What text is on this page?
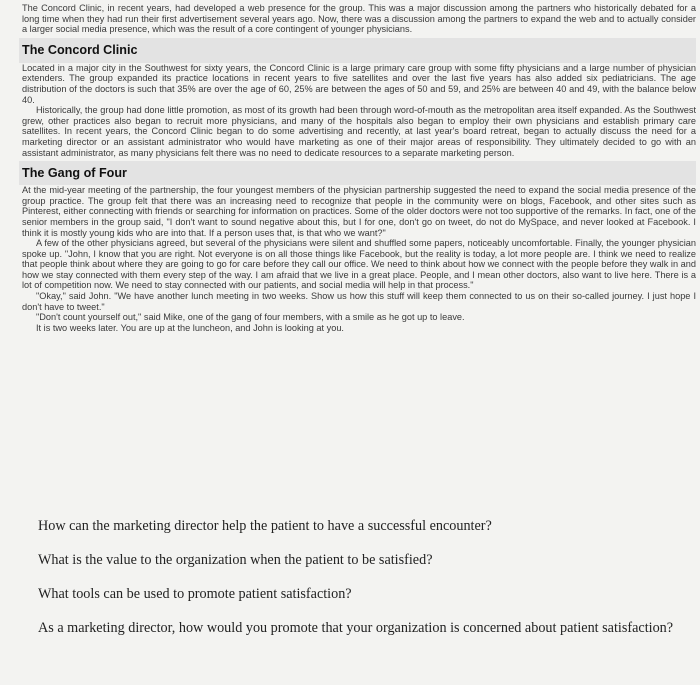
The Concord Clinic, in recent years, had developed a web presence for the group. This was a major discussion among the partners who historically debated for a long time when they had run their first advertisement several years ago. Now, there was a discussion among the partners to expand the web and to actually consider a larger social media presence, which was the result of a core contingent of younger physicians.

The Concord Clinic

Located in a major city in the Southwest for sixty years, the Concord Clinic is a large primary care group with some fifty physicians and a large number of physician extenders. The group expanded its practice locations in recent years to five satellites and over the last five years has also added six pediatricians. The age distribution of the doctors is such that 35% are over the age of 60, 25% are between the ages of 50 and 59, and 25% are between 40 and 49, with the balance below 40.

Historically, the group had done little promotion, as most of its growth had been through word-of-mouth as the metropolitan area itself expanded. As the Southwest grew, other practices also began to recruit more physicians, and many of the hospitals also began to employ their own physicians and establish primary care satellites. In recent years, the Concord Clinic began to do some advertising and recently, at last year's board retreat, began to actually discuss the need for a marketing director or an assistant administrator who would have marketing as one of their major areas of responsibility. They ultimately decided to go with an assistant administrator, as many physicians felt there was no need to dedicate resources to a separate marketing person.

The Gang of Four

At the mid-year meeting of the partnership, the four youngest members of the physician partnership suggested the need to expand the social media presence of the group practice. The group felt that there was an increasing need to recognize that people in the community were on blogs, Facebook, and other sites such as Pinterest, either connecting with friends or searching for information on practices. Some of the older doctors were not too supportive of the remarks. In fact, one of the senior members in the group said, "I don't want to sound negative about this, but I for one, don't go on tweet, do not do MySpace, and never looked at Facebook. I think it is mostly young kids who are into that. If a person uses that, is that who we want?"

A few of the other physicians agreed, but several of the physicians were silent and shuffled some papers, noticeably uncomfortable. Finally, the younger physician spoke up. "John, I know that you are right. Not everyone is on all those things like Facebook, but the reality is today, a lot more people are. I think we need to realize that people think about where they are going to go for care before they call our office. We need to think about how we connect with the people before they walk in and how we stay connected with them every step of the way. I am afraid that we live in a great place. People, and I mean other doctors, also want to live here. There is a lot of competition now. We need to stay connected with our patients, and social media will help in that process."

"Okay," said John. "We have another lunch meeting in two weeks. Show us how this stuff will keep them connected to us on their so-called journey. I just hope I don't have to tweet."

"Don't count yourself out," said Mike, one of the gang of four members, with a smile as he got up to leave.

It is two weeks later. You are up at the luncheon, and John is looking at you.

How can the marketing director help the patient to have a successful encounter?

What is the value to the organization when the patient to be satisfied?

What tools can be used to promote patient satisfaction?

As a marketing director, how would you promote that your organization is concerned about patient satisfaction?
